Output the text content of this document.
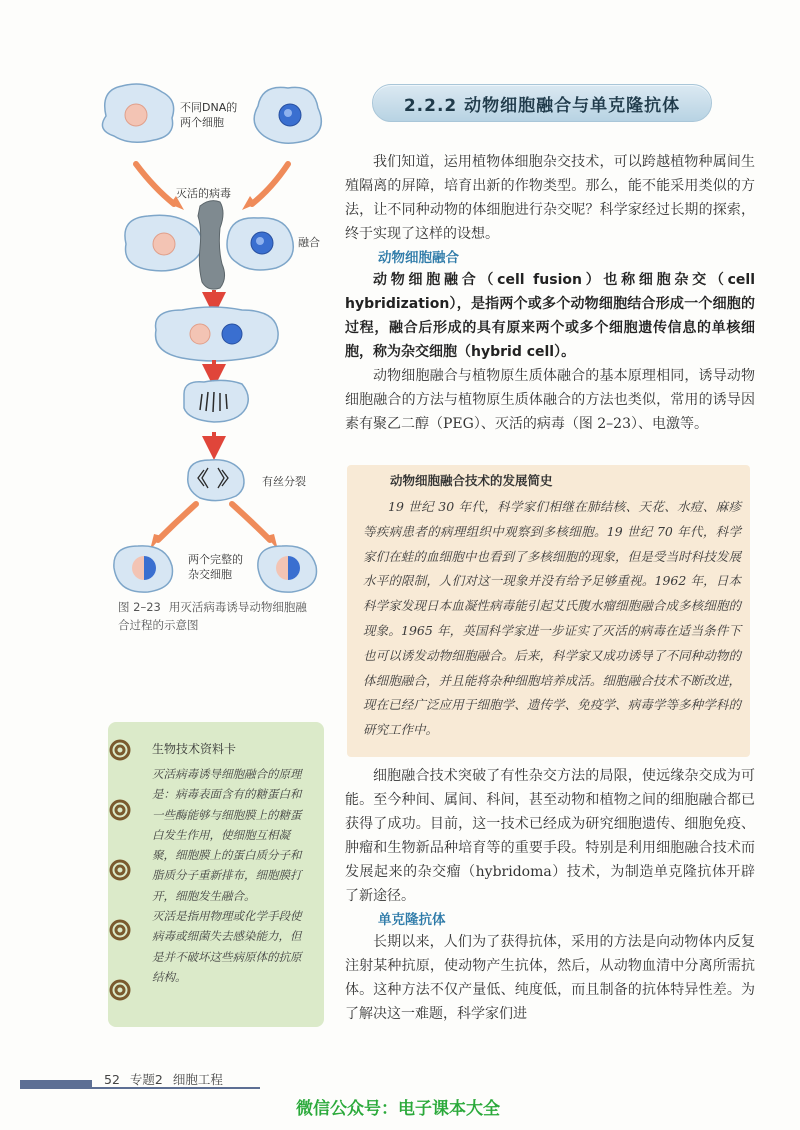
不同DNA的
两个细胞
灭活的病毒
融合
有丝分裂
两个完整的
杂交细胞
图 2–23 用灭活病毒诱导动物细胞融合过程的示意图
2.2.2 动物细胞融合与单克隆抗体

我们知道，运用植物体细胞杂交技术，可以跨越植物种属间生殖隔离的屏障，培育出新的作物类型。那么，能不能采用类似的方法，让不同种动物的体细胞进行杂交呢？科学家经过长期的探索，终于实现了这样的设想。

动物细胞融合

动物细胞融合（cell fusion）也称细胞杂交（cell hybridization），是指两个或多个动物细胞结合形成一个细胞的过程，融合后形成的具有原来两个或多个细胞遗传信息的单核细胞，称为杂交细胞（hybrid cell）。

动物细胞融合与植物原生质体融合的基本原理相同，诱导动物细胞融合的方法与植物原生质体融合的方法也类似，常用的诱导因素有聚乙二醇（PEG）、灭活的病毒（图 2–23）、电激等。

动物细胞融合技术的发展简史

19 世纪 30 年代，科学家们相继在肺结核、天花、水痘、麻疹等疾病患者的病理组织中观察到多核细胞。19 世纪 70 年代，科学家们在蛙的血细胞中也看到了多核细胞的现象，但是受当时科技发展水平的限制，人们对这一现象并没有给予足够重视。1962 年，日本科学家发现日本血凝性病毒能引起艾氏腹水瘤细胞融合成多核细胞的现象。1965 年，英国科学家进一步证实了灭活的病毒在适当条件下也可以诱发动物细胞融合。后来，科学家又成功诱导了不同种动物的体细胞融合，并且能将杂种细胞培养成活。细胞融合技术不断改进，现在已经广泛应用于细胞学、遗传学、免疫学、病毒学等多种学科的研究工作中。

细胞融合技术突破了有性杂交方法的局限，使远缘杂交成为可能。至今种间、属间、科间，甚至动物和植物之间的细胞融合都已获得了成功。目前，这一技术已经成为研究细胞遗传、细胞免疫、肿瘤和生物新品种培育等的重要手段。特别是利用细胞融合技术而发展起来的杂交瘤（hybridoma）技术，为制造单克隆抗体开辟了新途径。

单克隆抗体

长期以来，人们为了获得抗体，采用的方法是向动物体内反复注射某种抗原，使动物产生抗体，然后，从动物血清中分离所需抗体。这种方法不仅产量低、纯度低，而且制备的抗体特异性差。为了解决这一难题，科学家们进

生物技术资料卡

灭活病毒诱导细胞融合的原理是：病毒表面含有的糖蛋白和一些酶能够与细胞膜上的糖蛋白发生作用，使细胞互相凝聚，细胞膜上的蛋白质分子和脂质分子重新排布，细胞膜打开，细胞发生融合。

灭活是指用物理或化学手段使病毒或细菌失去感染能力，但是并不破坏这些病原体的抗原结构。

52 专题2 细胞工程
微信公众号：电子课本大全
